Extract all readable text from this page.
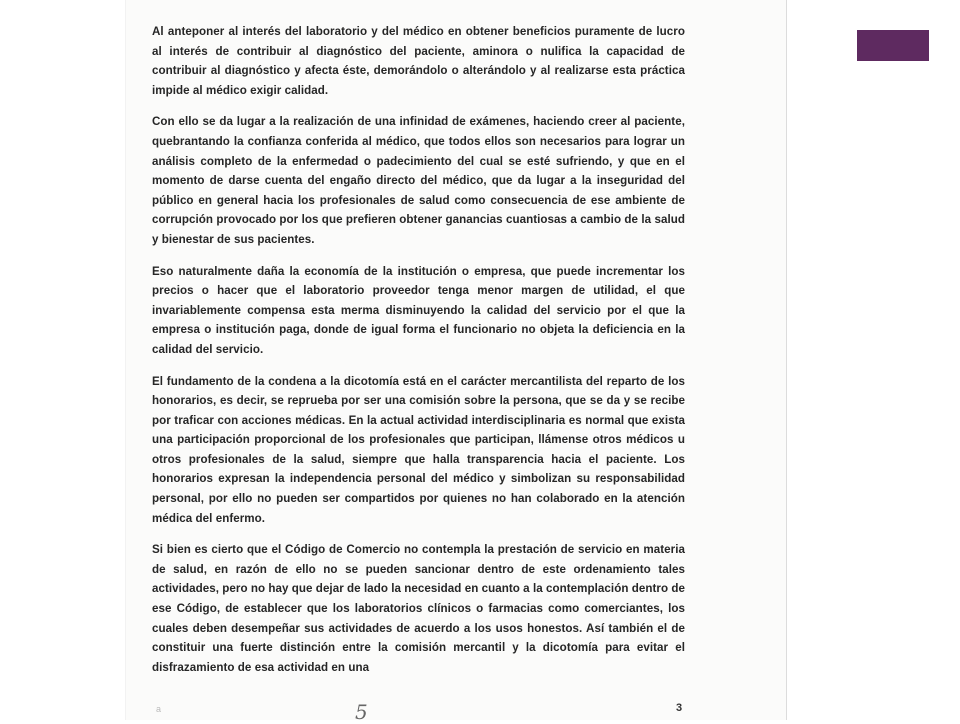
Al anteponer al interés del laboratorio y del médico en obtener beneficios puramente de lucro al interés de contribuir al diagnóstico del paciente, aminora o nulifica la capacidad de contribuir al diagnóstico y afecta éste, demorándolo o alterándolo y al realizarse esta práctica impide al médico exigir calidad.

Con ello se da lugar a la realización de una infinidad de exámenes, haciendo creer al paciente, quebrantando la confianza conferida al médico, que todos ellos son necesarios para lograr un análisis completo de la enfermedad o padecimiento del cual se esté sufriendo, y que en el momento de darse cuenta del engaño directo del médico, que da lugar a la inseguridad del público en general hacia los profesionales de salud como consecuencia de ese ambiente de corrupción provocado por los que prefieren obtener ganancias cuantiosas a cambio de la salud y bienestar de sus pacientes.

Eso naturalmente daña la economía de la institución o empresa, que puede incrementar los precios o hacer que el laboratorio proveedor tenga menor margen de utilidad, el que invariablemente compensa esta merma disminuyendo la calidad del servicio por el que la empresa o institución paga, donde de igual forma el funcionario no objeta la deficiencia en la calidad del servicio.

El fundamento de la condena a la dicotomía está en el carácter mercantilista del reparto de los honorarios, es decir, se reprueba por ser una comisión sobre la persona, que se da y se recibe por traficar con acciones médicas. En la actual actividad interdisciplinaria es normal que exista una participación proporcional de los profesionales que participan, llámense otros médicos u otros profesionales de la salud, siempre que halla transparencia hacia el paciente. Los honorarios expresan la independencia personal del médico y simbolizan su responsabilidad personal, por ello no pueden ser compartidos por quienes no han colaborado en la atención médica del enfermo.

Si bien es cierto que el Código de Comercio no contempla la prestación de servicio en materia de salud, en razón de ello no se pueden sancionar dentro de este ordenamiento tales actividades, pero no hay que dejar de lado la necesidad en cuanto a la contemplación dentro de ese Código, de establecer que los laboratorios clínicos o farmacias como comerciantes, los cuales deben desempeñar sus actividades de acuerdo a los usos honestos. Así también el de constituir una fuerte distinción entre la comisión mercantil y la dicotomía para evitar el disfrazamiento de esa actividad en una

a	5	3
